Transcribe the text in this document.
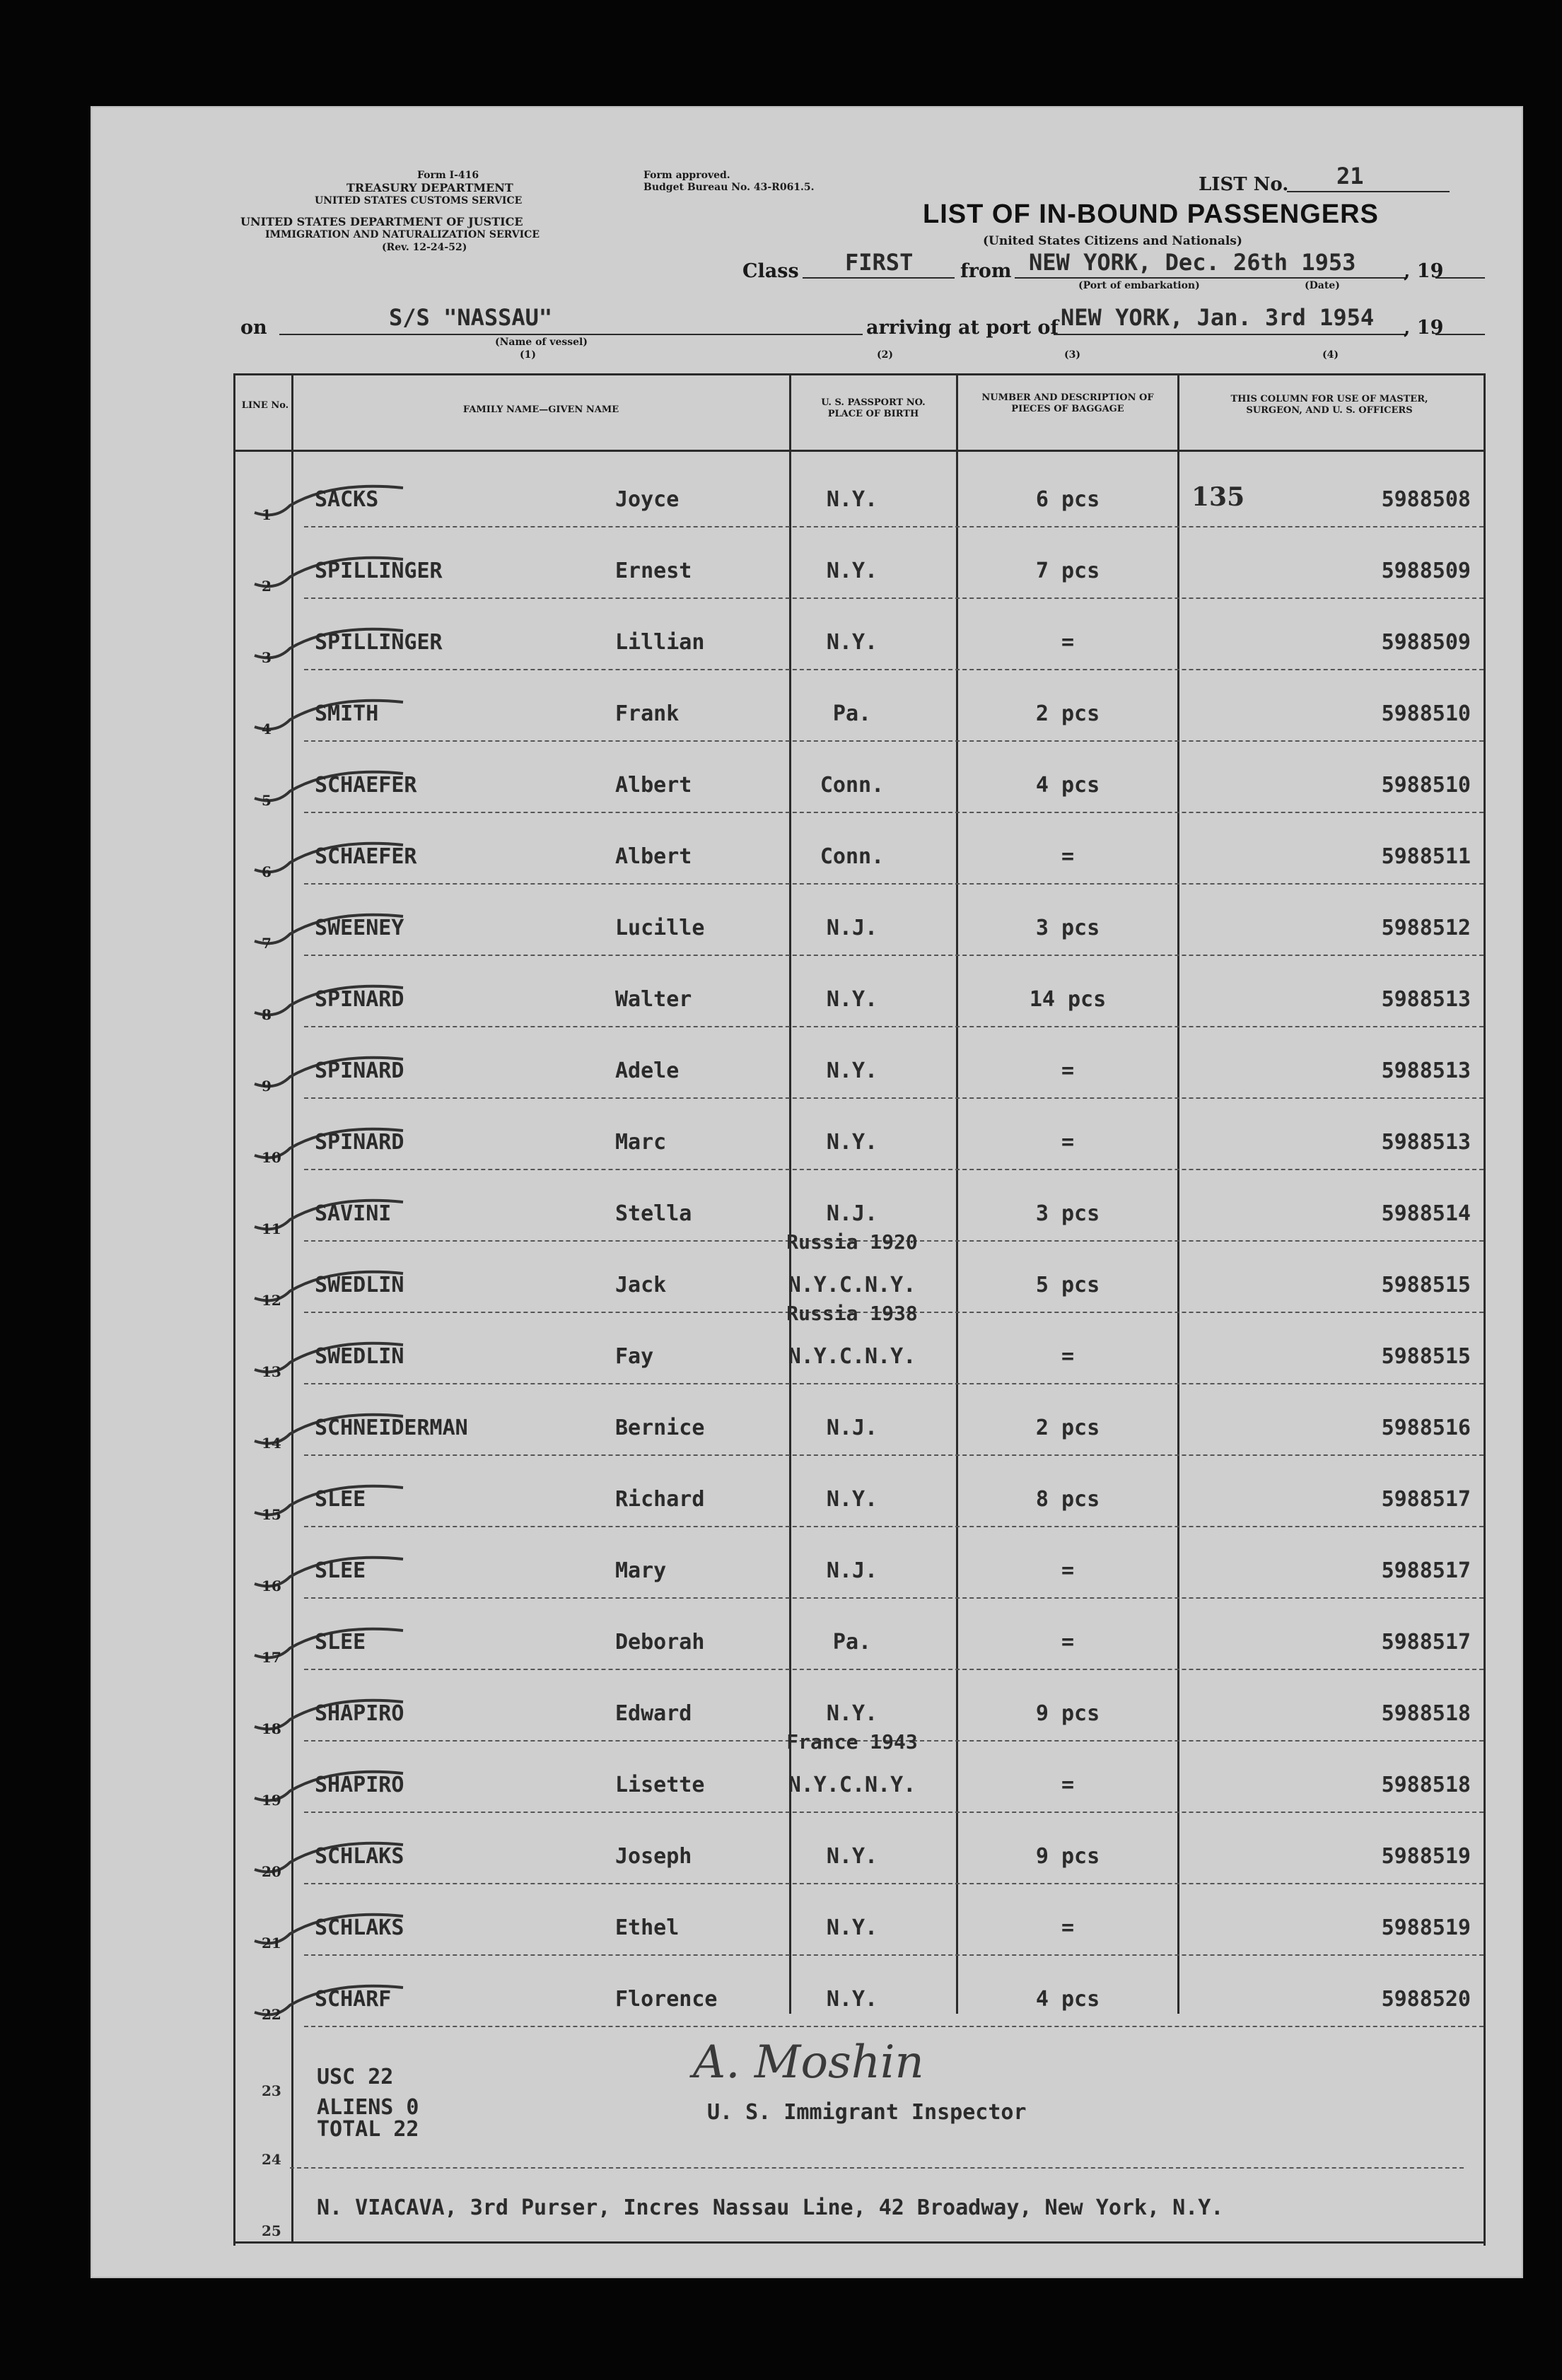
Form I-416
TREASURY DEPARTMENT
UNITED STATES CUSTOMS SERVICE
UNITED STATES DEPARTMENT OF JUSTICE
IMMIGRATION AND NATURALIZATION SERVICE
(Rev. 12-24-52)
Form approved.
Budget Bureau No. 43-R061.5.	LIST No. 21
LIST OF IN-BOUND PASSENGERS
(United States Citizens and Nationals)
Class FIRST from NEW YORK, Dec. 26th 1953	, 19
(Port of embarkation)	(Date)
on	S/S "NASSAU"
(Name of vessel)
(1)
arriving at port of NEW YORK, Jan. 3rd 1954 , 19
(2)	(3)	(4)
LINE No.	FAMILY NAME—GIVEN NAME
U. S. PASSPORT NO. PLACE OF BIRTH
NUMBER AND DESCRIPTION OF PIECES OF BAGGAGE
THIS COLUMN FOR USE OF MASTER, SURGEON, AND U. S. OFFICERS
1
SACKS	Joyce	N.Y.	6 pcs	5988508
135
2
SPILLINGER	Ernest	N.Y.	7 pcs	5988509
3
SPILLINGER	Lillian	N.Y.	=	5988509
4
SMITH	Frank	Pa.	2 pcs	5988510
5
SCHAEFER	Albert	Conn.	4 pcs	5988510
6
SCHAEFER	Albert	Conn.	=	5988511
7
SWEENEY	Lucille	N.J.	3 pcs	5988512
8
SPINARD	Walter	N.Y.	14 pcs	5988513
9
SPINARD	Adele	N.Y.	=	5988513
10
SPINARD	Marc	N.Y.	=	5988513
11
SAVINI	Stella	N.J.	3 pcs	5988514
12
SWEDLIN	Jack	N.Y.C.N.Y.	5 pcs	5988515
Russia 1920
13
SWEDLIN	Fay	N.Y.C.N.Y.	=	5988515
Russia 1938
14
SCHNEIDERMAN	Bernice	N.J.	2 pcs	5988516
15
SLEE	Richard	N.Y.	8 pcs	5988517
16
SLEE	Mary	N.J.	=	5988517
17
SLEE	Deborah	Pa.	=	5988517
18
SHAPIRO	Edward	N.Y.	9 pcs	5988518
19
SHAPIRO	Lisette	N.Y.C.N.Y.	=	5988518
France 1943
20
SCHLAKS	Joseph	N.Y.	9 pcs	5988519
21
SCHLAKS	Ethel	N.Y.	=	5988519
22
SCHARF	Florence	N.Y.	4 pcs	5988520
23
24
25
USC 22
ALIENS 0
TOTAL 22
A. Moshin
U. S. Immigrant Inspector
N. VIACAVA, 3rd Purser, Incres Nassau Line, 42 Broadway, New York, N.Y.
